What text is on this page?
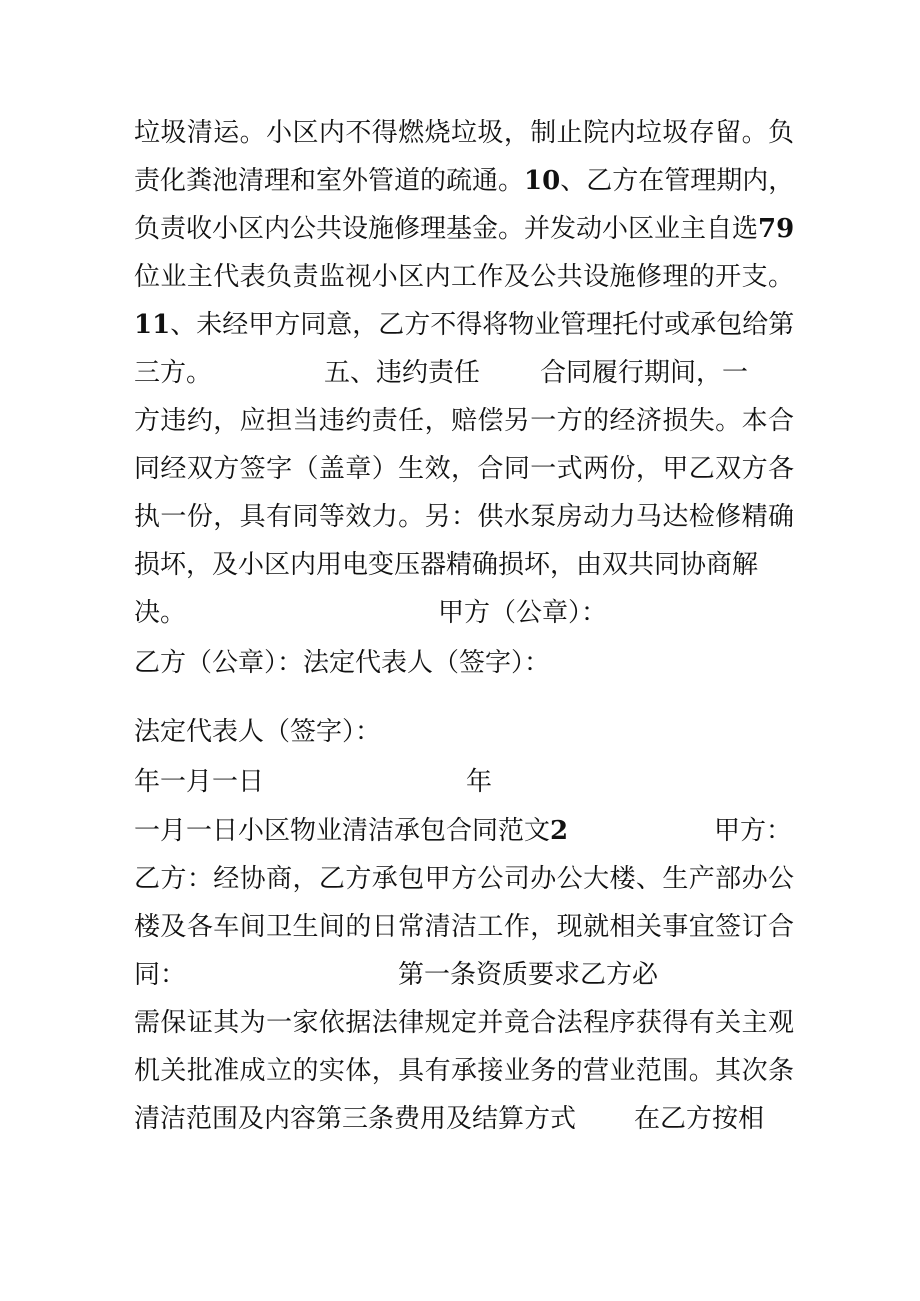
垃圾清运。小区内不得燃烧垃圾，制止院内垃圾存留。负
责化粪池清理和室外管道的疏通。10、乙方在管理期内，
负责收小区内公共设施修理基金。并发动小区业主自选79
位业主代表负责监视小区内工作及公共设施修理的开支。
11、未经甲方同意，乙方不得将物业管理托付或承包给第
三方。	五、违约责任 合同履行期间，一
方违约，应担当违约责任，赔偿另一方的经济损失。本合
同经双方签字（盖章）生效，合同一式两份，甲乙双方各
执一份，具有同等效力。另：供水泵房动力马达检修精确
损坏，及小区内用电变压器精确损坏，由双共同协商解
决。	甲方（公章）：
乙方（公章）：法定代表人（签字）：
法定代表人（签字）：
年一月一日	年
一月一日小区物业清洁承包合同范文2	甲方：
乙方：经协商，乙方承包甲方公司办公大楼、生产部办公
楼及各车间卫生间的日常清洁工作，现就相关事宜签订合
同：	第一条资质要求乙方必
需保证其为一家依据法律规定并竟合法程序获得有关主观
机关批准成立的实体，具有承接业务的营业范围。其次条
清洁范围及内容第三条费用及结算方式 在乙方按相
